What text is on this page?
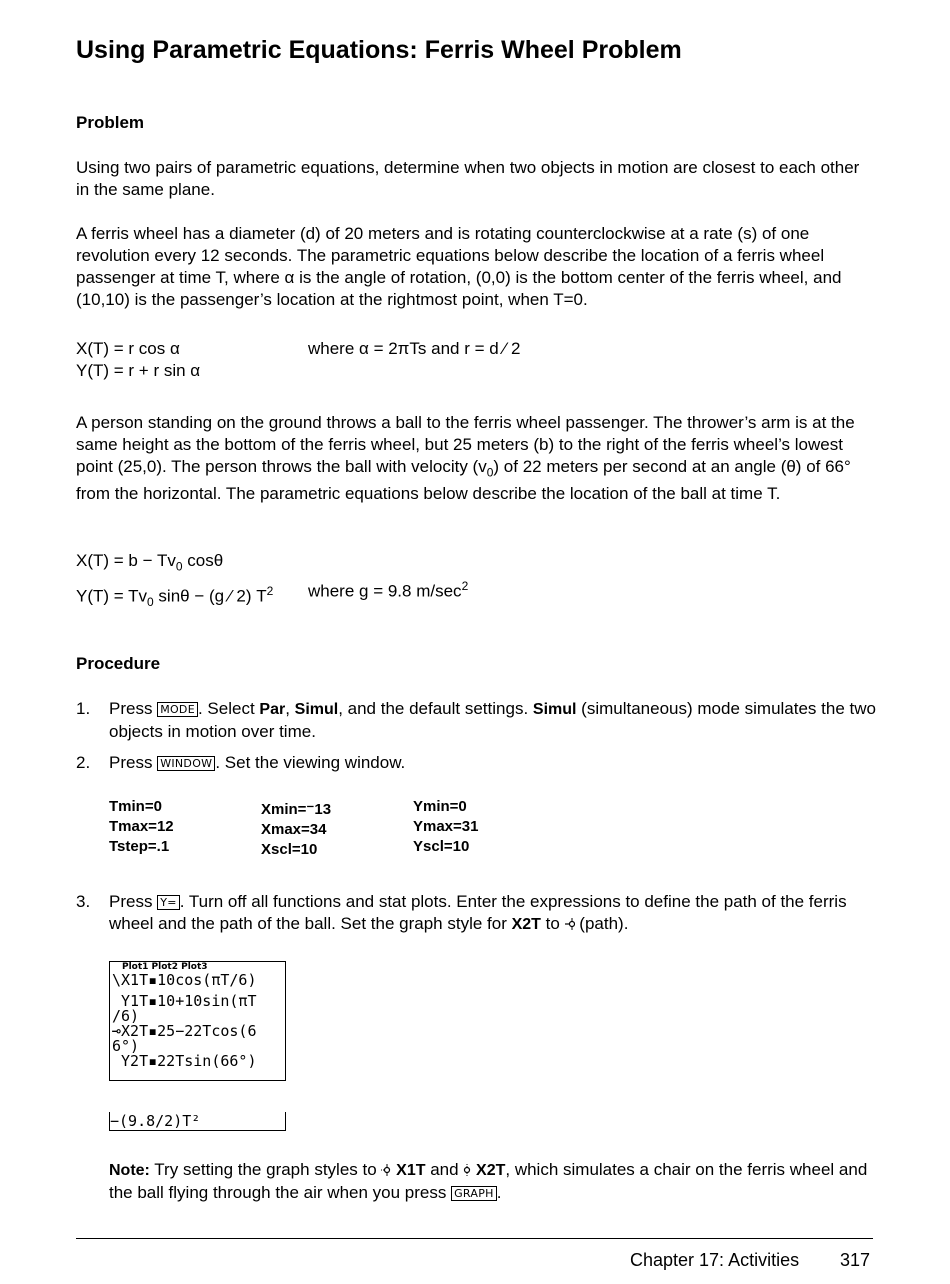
Using Parametric Equations: Ferris Wheel Problem
Problem
Using two pairs of parametric equations, determine when two objects in motion are closest to each other in the same plane.
A ferris wheel has a diameter (d) of 20 meters and is rotating counterclockwise at a rate (s) of one revolution every 12 seconds. The parametric equations below describe the location of a ferris wheel passenger at time T, where α is the angle of rotation, (0,0) is the bottom center of the ferris wheel, and (10,10) is the passenger’s location at the rightmost point, when T=0.
X(T) = r cos α
Y(T) = r + r sin α
where α = 2πTs and r = d ⁄ 2
A person standing on the ground throws a ball to the ferris wheel passenger. The thrower’s arm is at the same height as the bottom of the ferris wheel, but 25 meters (b) to the right of the ferris wheel’s lowest point (25,0). The person throws the ball with velocity $(v_0)$ of 22 meters per second at an angle (θ) of 66° from the horizontal. The parametric equations below describe the location of the ball at time T.
$X(T) = b - Tv_0$ cosθ
$Y(T) = Tv_0$ sinθ − (g ⁄ 2) $T^2$ where g = 9.8 $m/\sec^2$
Procedure
1. Press MODE . Select Par, Simul, and the default settings. Simul (simultaneous) mode simulates the two objects in motion over time.
2. Press WINDOW . Set the viewing window.
Tmin=0
Tmax=12
Tstep=.1
Xmin=⁻13
Xmax=34
Xscl=10
Ymin=0
Ymax=31
Yscl=10
3. Press Y= . Turn off all functions and stat plots. Enter the expressions to define the path of the ferris wheel and the path of the ball. Set the graph style for X2T to  (path).
Plot1 Plot2 Plot3
\X1T▪10cos(πT/6)
Y1T▪10+10sin(πT
/6)
⊸X2T▪25−22Tcos(6
6°)
Y2T▪22Tsin(66°)
−(9.8/2)T²
Note: Try setting the graph styles to  X1T and  X2T, which simulates a chair on the ferris wheel and the ball flying through the air when you press GRAPH .
Chapter 17: Activities 317
